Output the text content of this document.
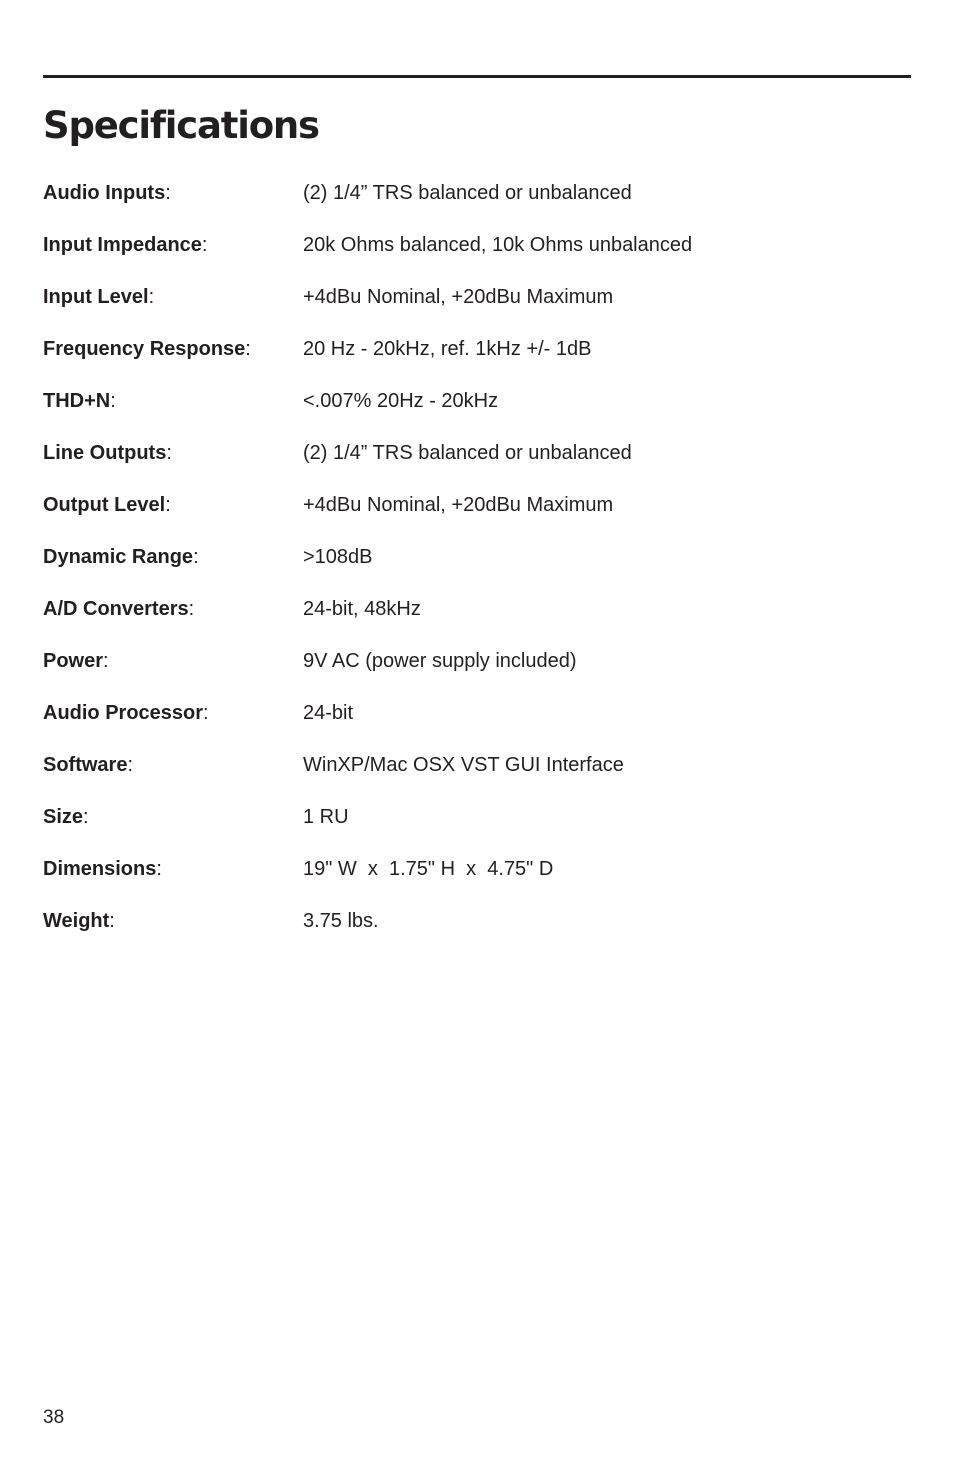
Specifications
Audio Inputs:	(2) 1/4” TRS balanced or unbalanced
Input Impedance:	20k Ohms balanced, 10k Ohms unbalanced
Input Level:	+4dBu Nominal, +20dBu Maximum
Frequency Response:	20 Hz - 20kHz, ref. 1kHz +/- 1dB
THD+N:	<.007% 20Hz - 20kHz
Line Outputs:	(2) 1/4” TRS balanced or unbalanced
Output Level:	+4dBu Nominal, +20dBu Maximum
Dynamic Range:	>108dB
A/D Converters:	24-bit, 48kHz
Power:	9V AC (power supply included)
Audio Processor:	24-bit
Software:	WinXP/Mac OSX VST GUI Interface
Size:	1 RU
Dimensions:	19" W  x  1.75" H  x  4.75" D
Weight:	3.75 lbs.
38
